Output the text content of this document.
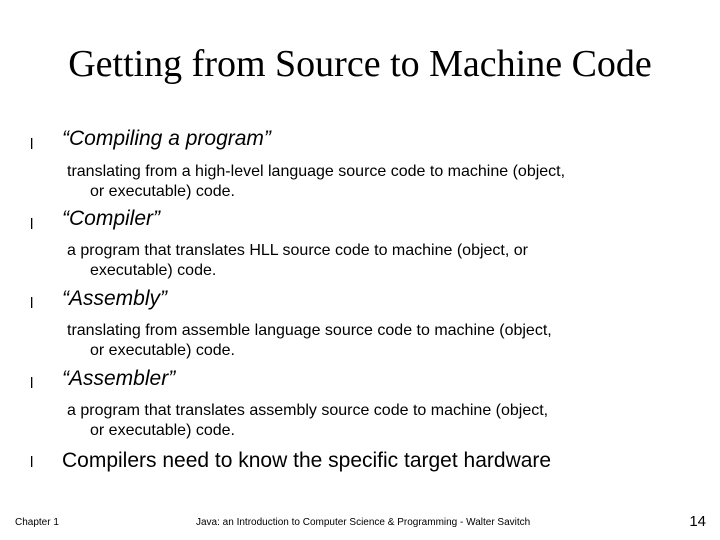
Getting from Source to Machine Code
l	“Compiling a program”
translating from a high-level language source code to machine (object,
or executable) code.
l	“Compiler”
a program that translates HLL source code to machine (object, or
executable) code.
l	“Assembly”
translating from assemble language source code to machine (object,
or executable) code.
l	“Assembler”
a program that translates assembly source code to machine (object,
or executable) code.
l	Compilers need to know the specific target hardware
Chapter 1	Java: an Introduction to Computer Science & Programming - Walter Savitch	14
